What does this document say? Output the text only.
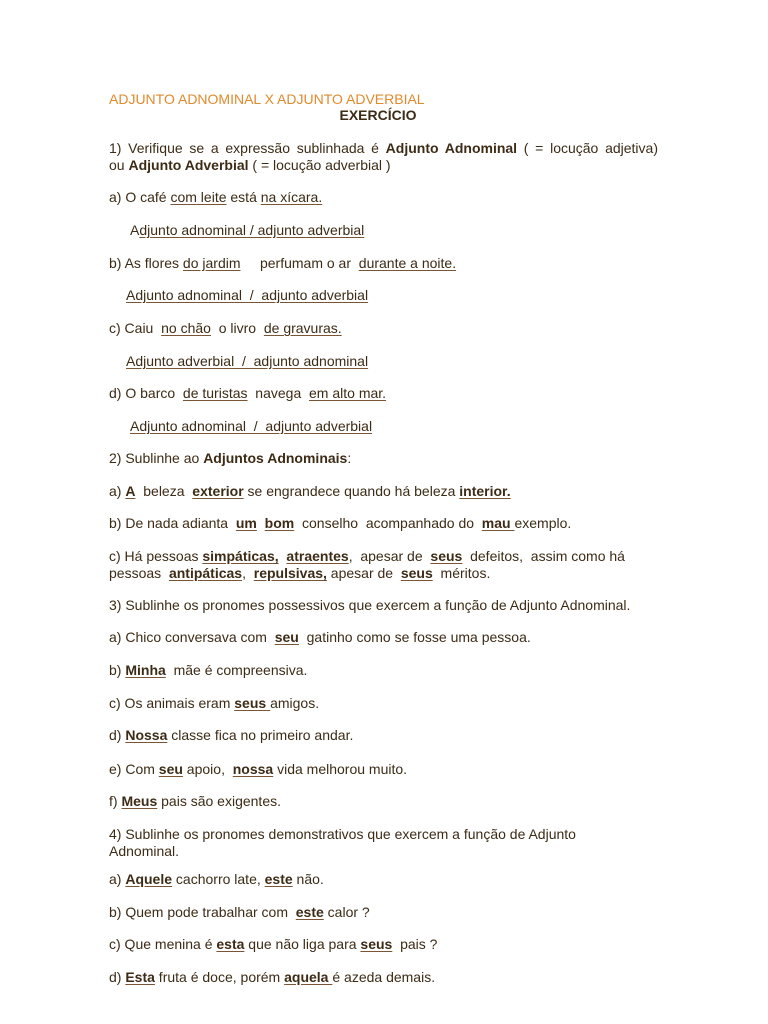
ADJUNTO ADNOMINAL X ADJUNTO ADVERBIAL
EXERCÍCIO
1) Verifique se a expressão sublinhada é Adjunto Adnominal ( = locução adjetiva)
ou Adjunto Adverbial ( = locução adverbial )
a) O café com leite está na xícara.
Adjunto adnominal / adjunto adverbial
b) As flores do jardim     perfumam o ar  durante a noite.
Adjunto adnominal  /  adjunto adverbial
c) Caiu  no chão  o livro  de gravuras.
Adjunto adverbial  /  adjunto adnominal
d) O barco  de turistas  navega  em alto mar.
Adjunto adnominal  /  adjunto adverbial
2) Sublinhe ao Adjuntos Adnominais:
a) A  beleza  exterior se engrandece quando há beleza interior.
b) De nada adianta  um bom  conselho  acompanhado do  mau exemplo.
c) Há pessoas simpáticas, atraentes,  apesar de  seus  defeitos,  assim como há
pessoas  antipáticas,  repulsivas, apesar de  seus  méritos.
3) Sublinhe os pronomes possessivos que exercem a função de Adjunto Adnominal.
a) Chico conversava com  seu  gatinho como se fosse uma pessoa.
b) Minha  mãe é compreensiva.
c) Os animais eram seus amigos.
d) Nossa classe fica no primeiro andar.
e) Com seu apoio,  nossa vida melhorou muito.
f) Meus pais são exigentes.
4) Sublinhe os pronomes demonstrativos que exercem a função de Adjunto
Adnominal.
a) Aquele cachorro late, este não.
b) Quem pode trabalhar com  este calor ?
c) Que menina é esta que não liga para seus  pais ?
d) Esta fruta é doce, porém aquela é azeda demais.
